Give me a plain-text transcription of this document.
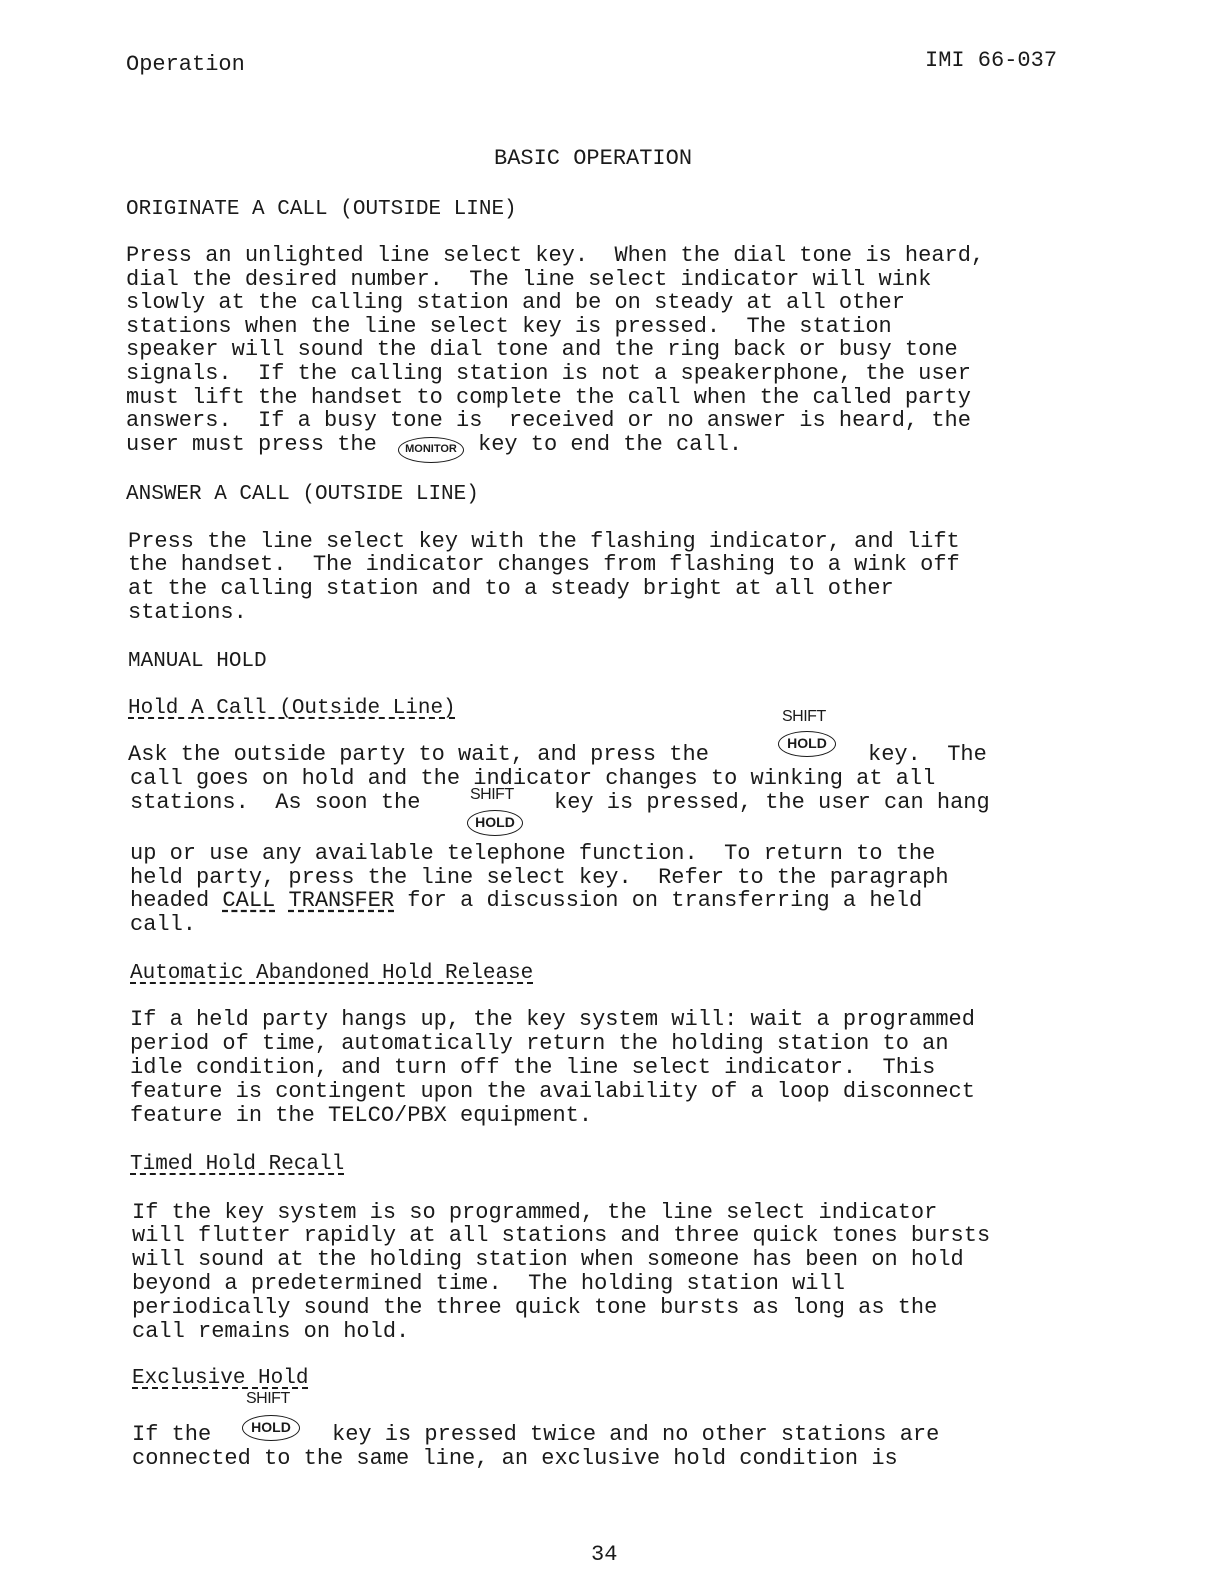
Operation	IMI 66-037
BASIC OPERATION
ORIGINATE A CALL (OUTSIDE LINE)
Press an unlighted line select key.  When the dial tone is heard,
dial the desired number.  The line select indicator will wink
slowly at the calling station and be on steady at all other
stations when the line select key is pressed.  The station
speaker will sound the dial tone and the ring back or busy tone
signals.  If the calling station is not a speakerphone, the user
must lift the handset to complete the call when the called party
answers.  If a busy tone is  received or no answer is heard, the
user must press the	MONITOR key to end the call.
ANSWER A CALL (OUTSIDE LINE)
Press the line select key with the flashing indicator, and lift
the handset.  The indicator changes from flashing to a wink off
at the calling station and to a steady bright at all other
stations.
MANUAL HOLD
Hold A Call (Outside Line)	SHIFT
Ask the outside party to wait, and press the	HOLD	key.  The
call goes on hold and the indicator changes to winking at all
stations.  As soon the	SHIFT
HOLD
key is pressed, the user can hang
up or use any available telephone function.  To return to the
held party, press the line select key.  Refer to the paragraph
headed CALL TRANSFER for a discussion on transferring a held
call.
Automatic Abandoned Hold Release
If a held party hangs up, the key system will: wait a programmed
period of time, automatically return the holding station to an
idle condition, and turn off the line select indicator.  This
feature is contingent upon the availability of a loop disconnect
feature in the TELCO/PBX equipment.
Timed Hold Recall
If the key system is so programmed, the line select indicator
will flutter rapidly at all stations and three quick tones bursts
will sound at the holding station when someone has been on hold
beyond a predetermined time.  The holding station will
periodically sound the three quick tone bursts as long as the
call remains on hold.
Exclusive Hold
SHIFT
If the	HOLD	key is pressed twice and no other stations are
connected to the same line, an exclusive hold condition is
34
